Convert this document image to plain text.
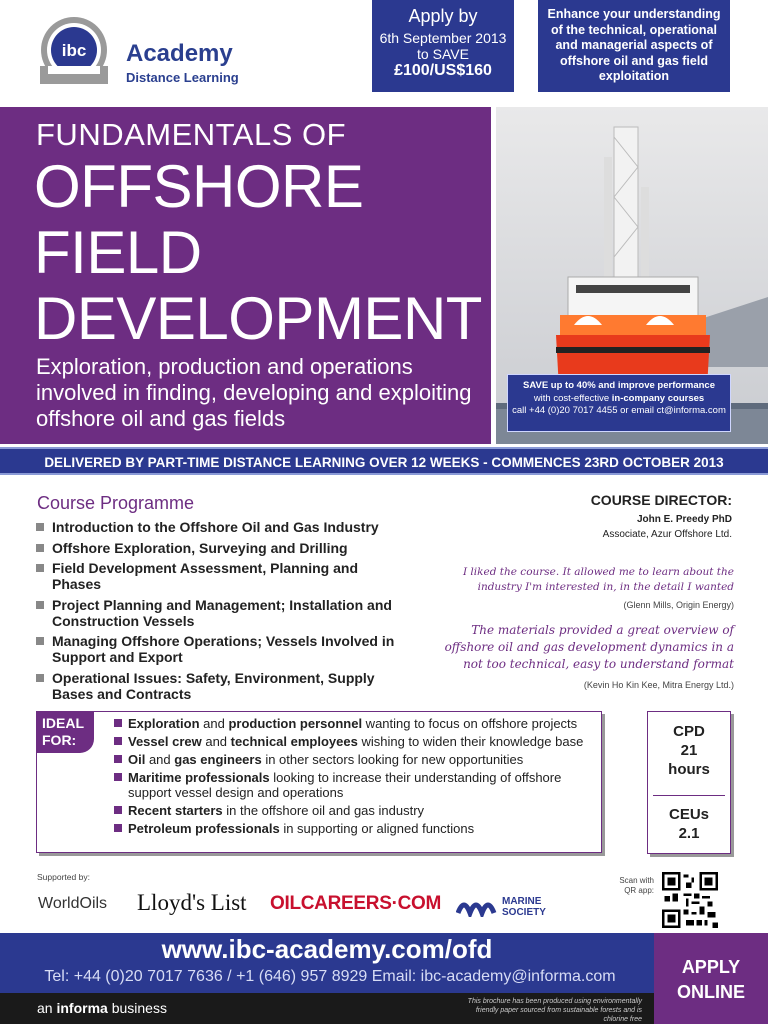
ibc Academy
Distance Learning
Apply by
6th September 2013
to SAVE
£100/US$160
Enhance your understanding of the technical, operational and managerial aspects of offshore oil and gas field exploitation
FUNDAMENTALS OF
OFFSHORE
FIELD
DEVELOPMENT
Exploration, production and operations involved in finding, developing and exploiting offshore oil and gas fields
SAVE up to 40% and improve performance
with cost-effective in-company courses
call +44 (0)20 7017 4455 or email ct@informa.com
DELIVERED BY PART-TIME DISTANCE LEARNING OVER 12 WEEKS - COMMENCES 23RD OCTOBER 2013
Course Programme
Introduction to the Offshore Oil and Gas Industry
Offshore Exploration, Surveying and Drilling
Field Development Assessment, Planning and Phases
Project Planning and Management; Installation and Construction Vessels
Managing Offshore Operations; Vessels Involved in Support and Export
Operational Issues: Safety, Environment, Supply Bases and Contracts
COURSE DIRECTOR:
John E. Preedy PhD
Associate, Azur Offshore Ltd.
I liked the course. It allowed me to learn about the industry I'm interested in, in the detail I wanted
(Glenn Mills, Origin Energy)
The materials provided a great overview of offshore oil and gas development dynamics in a not too technical, easy to understand format
(Kevin Ho Kin Kee, Mitra Energy Ltd.)
IDEAL
FOR:
Exploration and production personnel wanting to focus on offshore projects
Vessel crew and technical employees wishing to widen their knowledge base
Oil and gas engineers in other sectors looking for new opportunities
Maritime professionals looking to increase their understanding of offshore support vessel design and operations
Recent starters in the offshore oil and gas industry
Petroleum professionals in supporting or aligned functions
CPD
21
hours
CEUs
2.1
Supported by:
WorldOils Lloyd's List OILCAREERS·COM	MARINE
SOCIETY
Scan with
QR app:
www.ibc-academy.com/ofd
Tel: +44 (0)20 7017 7636 / +1 (646) 957 8929 Email: ibc-academy@informa.com
an informa business	This brochure has been produced using environmentally friendly paper sourced from sustainable forests and is chlorine free
APPLY
ONLINE
